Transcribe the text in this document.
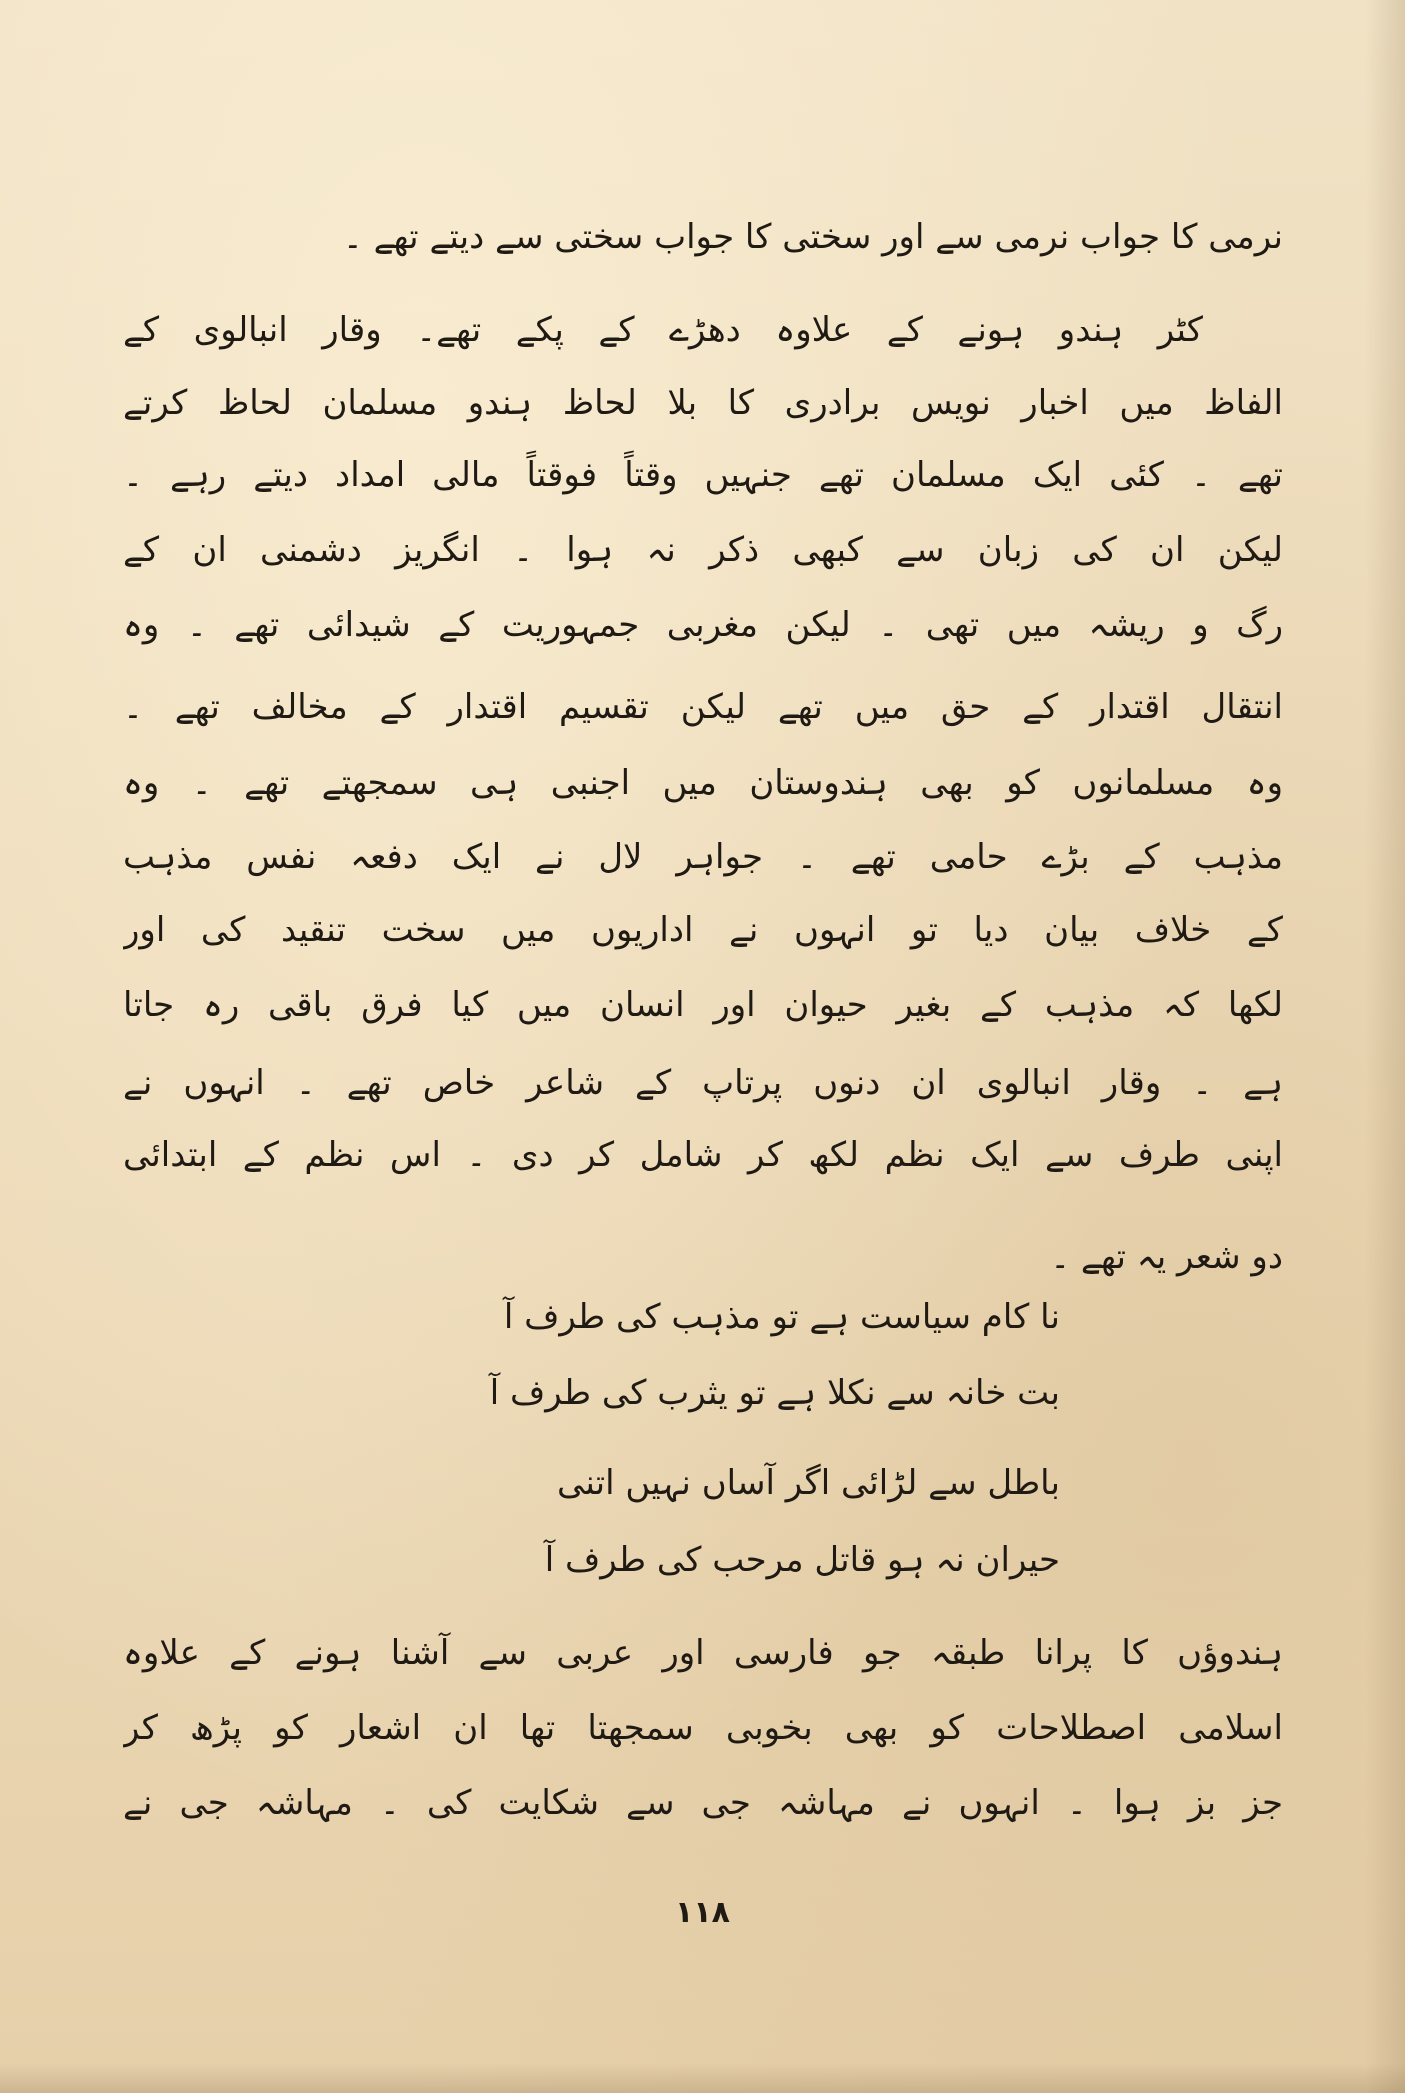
نرمی کا جواب نرمی سے اور سختی کا جواب سختی سے دیتے تھے ۔
کٹر ہندو ہونے کے علاوہ دھڑے کے پکے تھے۔ وقار انبالوی کے
الفاظ میں اخبار نویس برادری کا بلا لحاظ ہندو مسلمان لحاظ کرتے
تھے ۔ کئی ایک مسلمان تھے جنہیں وقتاً فوقتاً مالی امداد دیتے رہے ۔
لیکن ان کی زبان سے کبھی ذکر نہ ہوا ۔ انگریز دشمنی ان کے
رگ و ریشہ میں تھی ۔ لیکن مغربی جمہوریت کے شیدائی تھے ۔ وہ
انتقال اقتدار کے حق میں تھے لیکن تقسیم اقتدار کے مخالف تھے ۔
وہ مسلمانوں کو بھی ہندوستان میں اجنبی ہی سمجھتے تھے ۔ وہ
مذہب کے بڑے حامی تھے ۔ جواہر لال نے ایک دفعہ نفس مذہب
کے خلاف بیان دیا تو انہوں نے اداریوں میں سخت تنقید کی اور
لکھا کہ مذہب کے بغیر حیوان اور انسان میں کیا فرق باقی رہ جاتا
ہے ۔ وقار انبالوی ان دنوں پرتاپ کے شاعر خاص تھے ۔ انہوں نے
اپنی طرف سے ایک نظم لکھ کر شامل کر دی ۔ اس نظم کے ابتدائی
دو شعر یہ تھے ۔
نا کام سیاست ہے تو مذہب کی طرف آ
بت خانہ سے نکلا ہے تو یثرب کی طرف آ
باطل سے لڑائی اگر آساں نہیں اتنی
حیران نہ ہو قاتل مرحب کی طرف آ
ہندوؤں کا پرانا طبقہ جو فارسی اور عربی سے آشنا ہونے کے علاوہ
اسلامی اصطلاحات کو بھی بخوبی سمجھتا تھا ان اشعار کو پڑھ کر
جز بز ہوا ۔ انہوں نے مہاشہ جی سے شکایت کی ۔ مہاشہ جی نے
۱۱۸
